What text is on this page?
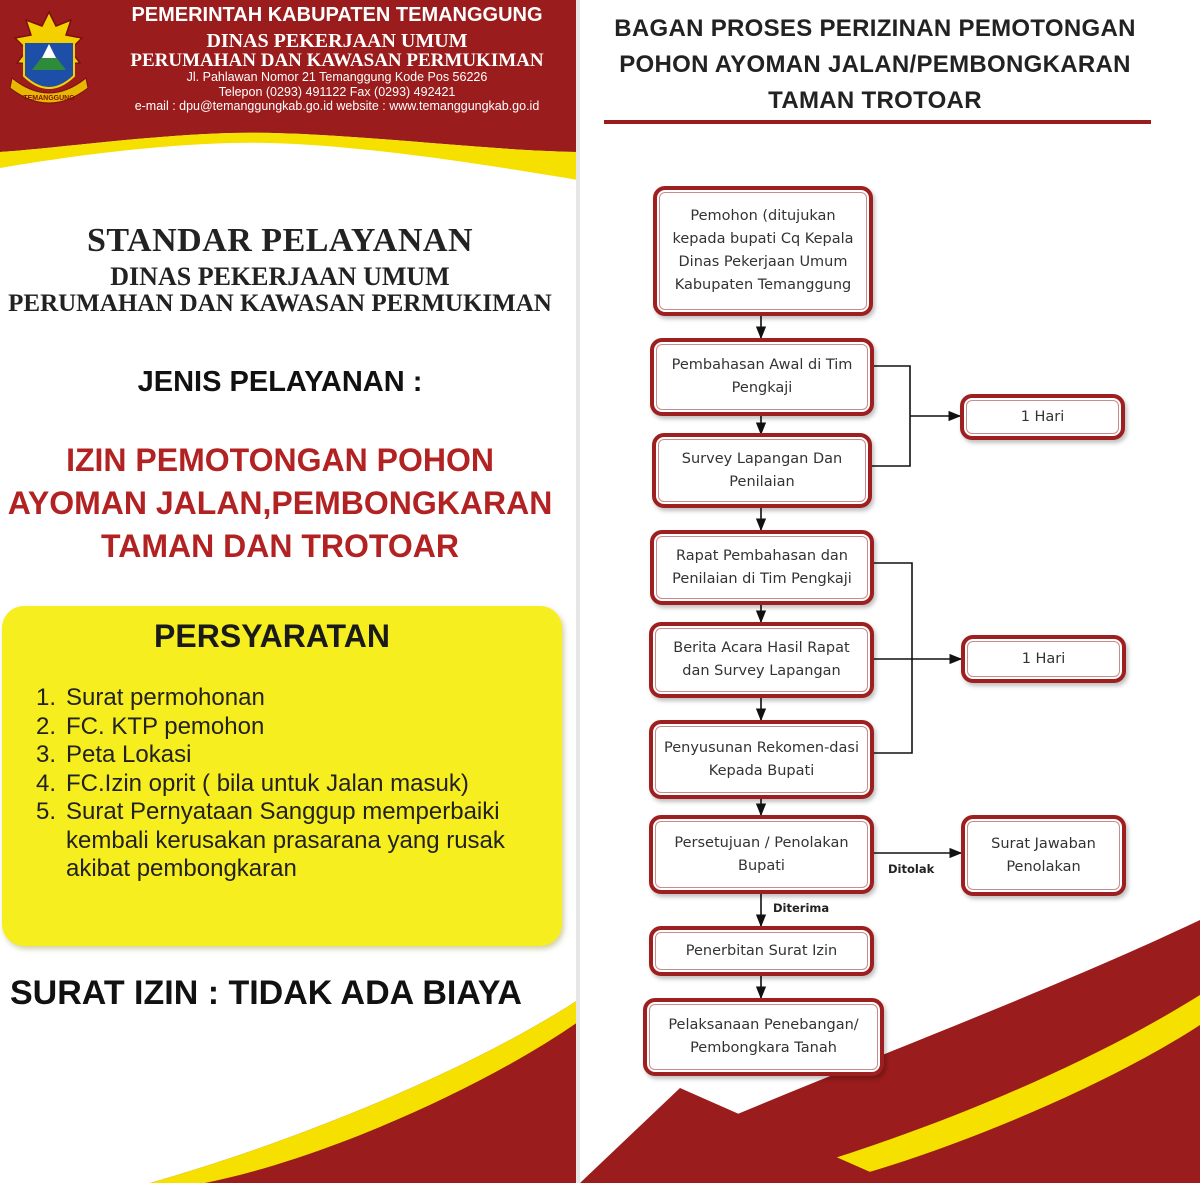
TEMANGGUNG
PEMERINTAH KABUPATEN TEMANGGUNG
DINAS PEKERJAAN UMUM
PERUMAHAN DAN KAWASAN PERMUKIMAN
Jl. Pahlawan Nomor 21 Temanggung Kode Pos 56226
Telepon (0293) 491122 Fax (0293) 492421
e-mail : dpu@temanggungkab.go.id website : www.temanggungkab.go.id
STANDAR PELAYANAN
DINAS PEKERJAAN UMUM
PERUMAHAN DAN KAWASAN PERMUKIMAN
JENIS PELAYANAN :
IZIN PEMOTONGAN POHON
AYOMAN JALAN,PEMBONGKARAN
TAMAN DAN TROTOAR
PERSYARATAN
1. Surat permohonan
2. FC. KTP pemohon
3. Peta Lokasi
4. FC.Izin oprit ( bila untuk Jalan masuk)
5. Surat Pernyataan Sanggup memperbaiki kembali kerusakan prasarana yang rusak akibat pembongkaran
SURAT IZIN : TIDAK ADA BIAYA
BAGAN PROSES PERIZINAN PEMOTONGAN
POHON AYOMAN JALAN/PEMBONGKARAN
TAMAN TROTOAR
Pemohon (ditujukan kepada bupati Cq Kepala Dinas Pekerjaan Umum Kabupaten Temanggung
Pembahasan Awal di Tim Pengkaji
Survey Lapangan Dan Penilaian
Rapat Pembahasan dan Penilaian di Tim Pengkaji
Berita Acara Hasil Rapat dan Survey Lapangan
Penyusunan Rekomen-dasi Kepada Bupati
Persetujuan / Penolakan Bupati
Penerbitan Surat Izin
Pelaksanaan Penebangan/ Pembongkara Tanah
1 Hari
1 Hari
Surat Jawaban Penolakan
Ditolak
Diterima
